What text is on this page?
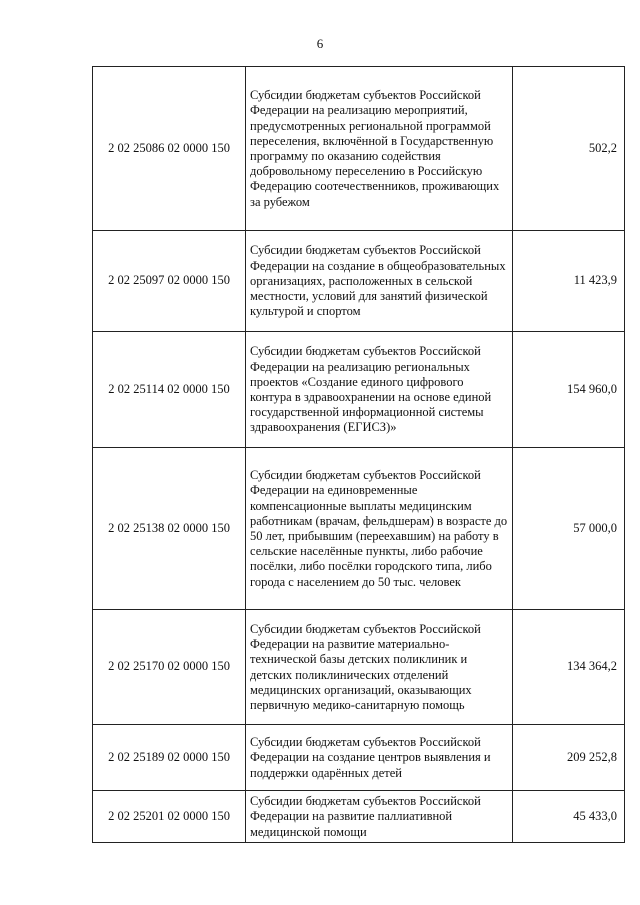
6
2 02 25086 02 0000 150	Субсидии бюджетам субъектов Российской Федерации на реализацию мероприятий, предусмотренных региональной программой переселения, включённой в Государственную программу по оказанию содействия добровольному переселению в Российскую Федерацию соотечественников, проживающих за рубежом	502,2
2 02 25097 02 0000 150	Субсидии бюджетам субъектов Российской Федерации на создание в общеобразовательных организациях, расположенных в сельской местности, условий для занятий физической культурой и спортом	11 423,9
2 02 25114 02 0000 150	Субсидии бюджетам субъектов Российской Федерации на реализацию региональных проектов «Создание единого цифрового контура в здравоохранении на основе единой государственной информационной системы здравоохранения (ЕГИСЗ)»	154 960,0
2 02 25138 02 0000 150	Субсидии бюджетам субъектов Российской Федерации на единовременные компенсационные выплаты медицинским работникам (врачам, фельдшерам) в возрасте до 50 лет, прибывшим (переехавшим) на работу в сельские населённые пункты, либо рабочие посёлки, либо посёлки городского типа, либо города с населением до 50 тыс. человек	57 000,0
2 02 25170 02 0000 150	Субсидии бюджетам субъектов Российской Федерации на развитие материально-технической базы детских поликлиник и детских поликлинических отделений медицинских организаций, оказывающих первичную медико-санитарную помощь	134 364,2
2 02 25189 02 0000 150	Субсидии бюджетам субъектов Российской Федерации на создание центров выявления и поддержки одарённых детей	209 252,8
2 02 25201 02 0000 150	Субсидии бюджетам субъектов Российской Федерации на развитие паллиативной медицинской помощи	45 433,0
